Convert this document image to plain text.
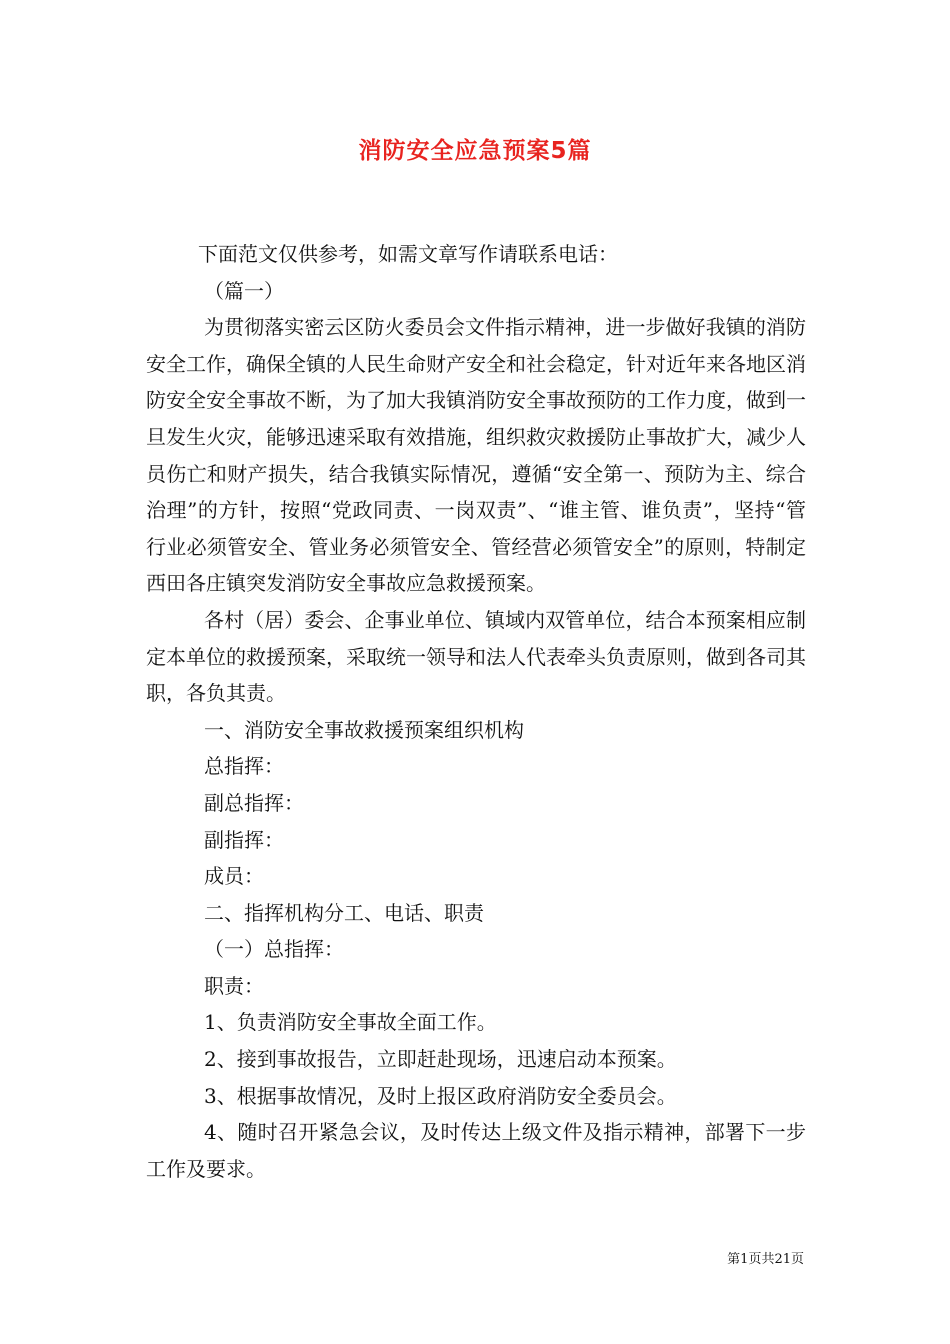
消防安全应急预案5篇

下面范文仅供参考，如需文章写作请联系电话：

（篇一）

为贯彻落实密云区防火委员会文件指示精神，进一步做好我镇的消防安全工作，确保全镇的人民生命财产安全和社会稳定，针对近年来各地区消防安全安全事故不断，为了加大我镇消防安全事故预防的工作力度，做到一旦发生火灾，能够迅速采取有效措施，组织救灾救援防止事故扩大，减少人员伤亡和财产损失，结合我镇实际情况，遵循“安全第一、预防为主、综合治理”的方针，按照“党政同责、一岗双责”、“谁主管、谁负责”，坚持“管行业必须管安全、管业务必须管安全、管经营必须管安全”的原则，特制定西田各庄镇突发消防安全事故应急救援预案。

各村（居）委会、企事业单位、镇域内双管单位，结合本预案相应制定本单位的救援预案，采取统一领导和法人代表牵头负责原则，做到各司其职，各负其责。

一、消防安全事故救援预案组织机构

总指挥：

副总指挥：

副指挥：

成员：

二、指挥机构分工、电话、职责

（一）总指挥：

职责：

1、负责消防安全事故全面工作。

2、接到事故报告，立即赶赴现场，迅速启动本预案。

3、根据事故情况，及时上报区政府消防安全委员会。

4、随时召开紧急会议，及时传达上级文件及指示精神，部署下一步工作及要求。

第1页共21页
